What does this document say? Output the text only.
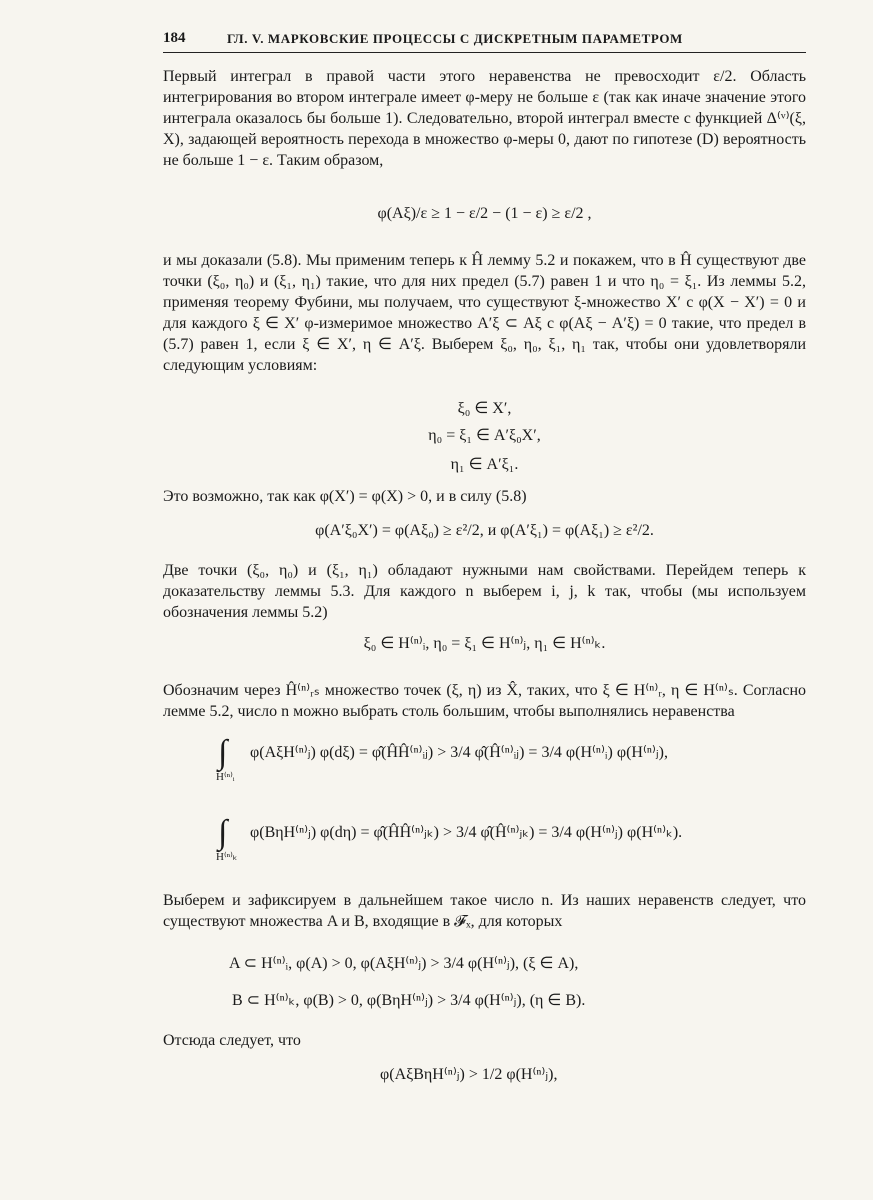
184	ГЛ. V. МАРКОВСКИЕ ПРОЦЕССЫ С ДИСКРЕТНЫМ ПАРАМЕТРОМ

Первый интеграл в правой части этого неравенства не превосходит ε/2. Область интегрирования во втором интеграле имеет φ-меру не больше ε (так как иначе значение этого интеграла оказалось бы больше 1). Следовательно, второй интеграл вместе с функцией Δ⁽ᵛ⁾(ξ, X), задающей вероятность перехода в множество φ-меры 0, дают по гипотезе (D) вероятность не больше 1 − ε. Таким образом,

φ(Aξ)/ε ≥ 1 − ε/2 − (1 − ε) ≥ ε/2 ,

и мы доказали (5.8). Мы применим теперь к Ĥ лемму 5.2 и покажем, что в Ĥ существуют две точки (ξ₀, η₀) и (ξ₁, η₁) такие, что для них предел (5.7) равен 1 и что η₀ = ξ₁. Из леммы 5.2, применяя теорему Фубини, мы получаем, что существуют ξ-множество X′ с φ(X − X′) = 0 и для каждого ξ ∈ X′ φ-измеримое множество A′ξ ⊂ Aξ с φ(Aξ − A′ξ) = 0 такие, что предел в (5.7) равен 1, если ξ ∈ X′, η ∈ A′ξ. Выберем ξ₀, η₀, ξ₁, η₁ так, чтобы они удовлетворяли следующим условиям:

ξ₀ ∈ X′,
η₀ = ξ₁ ∈ A′ξ₀X′,
η₁ ∈ A′ξ₁.

Это возможно, так как φ(X′) = φ(X) > 0, и в силу (5.8)

φ(A′ξ₀X′) = φ(Aξ₀) ≥ ε²/2, и φ(A′ξ₁) = φ(Aξ₁) ≥ ε²/2.

Две точки (ξ₀, η₀) и (ξ₁, η₁) обладают нужными нам свойствами. Перейдем теперь к доказательству леммы 5.3. Для каждого n выберем i, j, k так, чтобы (мы используем обозначения леммы 5.2)

ξ₀ ∈ H⁽ⁿ⁾ᵢ, η₀ = ξ₁ ∈ H⁽ⁿ⁾ⱼ, η₁ ∈ H⁽ⁿ⁾ₖ.

Обозначим через Ĥ⁽ⁿ⁾ᵣₛ множество точек (ξ, η) из X̂, таких, что ξ ∈ H⁽ⁿ⁾ᵣ, η ∈ H⁽ⁿ⁾ₛ. Согласно лемме 5.2, число n можно выбрать столь большим, чтобы выполнялись неравенства

∫
H⁽ⁿ⁾ᵢ
φ(AξH⁽ⁿ⁾ⱼ) φ(dξ) = φ̂(ĤĤ⁽ⁿ⁾ᵢⱼ) > 3/4 φ̂(Ĥ⁽ⁿ⁾ᵢⱼ) = 3/4 φ(H⁽ⁿ⁾ᵢ) φ(H⁽ⁿ⁾ⱼ),
∫
H⁽ⁿ⁾ₖ
φ(BηH⁽ⁿ⁾ⱼ) φ(dη) = φ̂(ĤĤ⁽ⁿ⁾ⱼₖ) > 3/4 φ̂(Ĥ⁽ⁿ⁾ⱼₖ) = 3/4 φ(H⁽ⁿ⁾ⱼ) φ(H⁽ⁿ⁾ₖ).

Выберем и зафиксируем в дальнейшем такое число n. Из наших неравенств следует, что существуют множества A и B, входящие в 𝓕ₓ, для которых

A ⊂ H⁽ⁿ⁾ᵢ, φ(A) > 0, φ(AξH⁽ⁿ⁾ⱼ) > 3/4 φ(H⁽ⁿ⁾ⱼ), (ξ ∈ A),
B ⊂ H⁽ⁿ⁾ₖ, φ(B) > 0, φ(BηH⁽ⁿ⁾ⱼ) > 3/4 φ(H⁽ⁿ⁾ⱼ), (η ∈ B).

Отсюда следует, что

φ(AξBηH⁽ⁿ⁾ⱼ) > 1/2 φ(H⁽ⁿ⁾ⱼ),
